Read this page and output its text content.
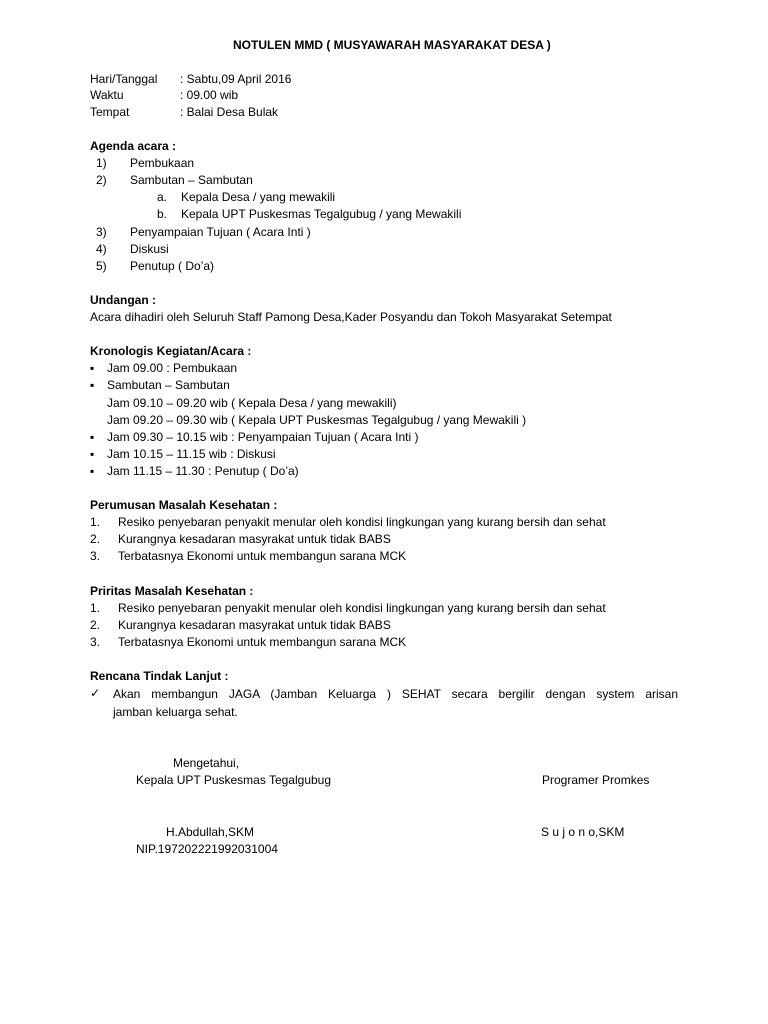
NOTULEN MMD ( MUSYAWARAH MASYARAKAT DESA )
Hari/Tanggal : Sabtu,09 April 2016
Waktu	: 09.00 wib
Tempat	: Balai Desa Bulak
Agenda acara :
1) Pembukaan
2) Sambutan – Sambutan
a. Kepala Desa / yang mewakili
b. Kepala UPT Puskesmas Tegalgubug / yang Mewakili
3) Penyampaian Tujuan ( Acara Inti )
4) Diskusi
5) Penutup ( Do’a)
Undangan :
Acara dihadiri oleh Seluruh Staff Pamong Desa,Kader Posyandu dan Tokoh Masyarakat Setempat
Kronologis Kegiatan/Acara :
▪ Jam 09.00 : Pembukaan
▪ Sambutan – Sambutan
Jam 09.10 – 09.20 wib ( Kepala Desa / yang mewakili)
Jam 09.20 – 09.30 wib ( Kepala UPT Puskesmas Tegalgubug / yang Mewakili )
▪ Jam 09.30 – 10.15 wib : Penyampaian Tujuan ( Acara Inti )
▪ Jam 10.15 – 11.15 wib : Diskusi
▪ Jam 11.15 – 11.30 : Penutup ( Do’a)
Perumusan Masalah Kesehatan :
1. Resiko penyebaran penyakit menular oleh kondisi lingkungan yang kurang bersih dan sehat
2. Kurangnya kesadaran masyrakat untuk tidak BABS
3. Terbatasnya Ekonomi untuk membangun sarana MCK
Priritas Masalah Kesehatan :
1. Resiko penyebaran penyakit menular oleh kondisi lingkungan yang kurang bersih dan sehat
2. Kurangnya kesadaran masyrakat untuk tidak BABS
3. Terbatasnya Ekonomi untuk membangun sarana MCK
Rencana Tindak Lanjut :
✓ Akan membangun JAGA (Jamban Keluarga ) SEHAT secara bergilir dengan system arisan
jamban keluarga sehat.
Mengetahui,
Kepala UPT Puskesmas Tegalgubug	Programer Promkes
H.Abdullah,SKM	S u j o n o,SKM
NIP.197202221992031004
